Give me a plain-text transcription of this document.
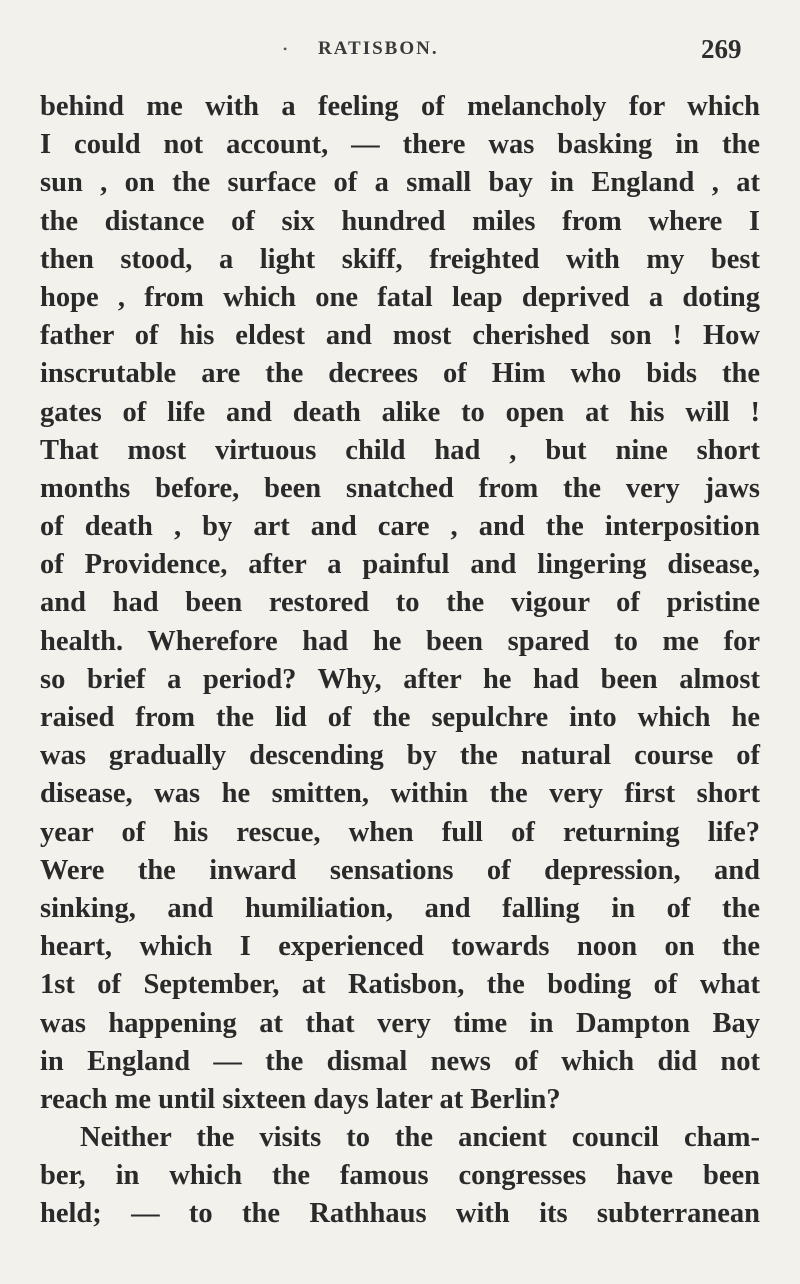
• RATISBON.	269
behind me with a feeling of melancholy for which
I could not account, — there was basking in the
sun , on the surface of a small bay in England , at
the distance of six hundred miles from where I
then stood, a light skiff, freighted with my best
hope , from which one fatal leap deprived a doting
father of his eldest and most cherished son ! How
inscrutable are the decrees of Him who bids the
gates of life and death alike to open at his will !
That most virtuous child had , but nine short
months before, been snatched from the very jaws
of death , by art and care , and the interposition
of Providence, after a painful and lingering disease,
and had been restored to the vigour of pristine
health. Wherefore had he been spared to me for
so brief a period? Why, after he had been almost
raised from the lid of the sepulchre into which he
was gradually descending by the natural course of
disease, was he smitten, within the very first short
year of his rescue, when full of returning life?
Were the inward sensations of depression, and
sinking, and humiliation, and falling in of the
heart, which I experienced towards noon on the
1st of September, at Ratisbon, the boding of what
was happening at that very time in Dampton Bay
in England — the dismal news of which did not
reach me until sixteen days later at Berlin?
Neither the visits to the ancient council cham-
ber, in which the famous congresses have been
held; — to the Rathhaus with its subterranean
